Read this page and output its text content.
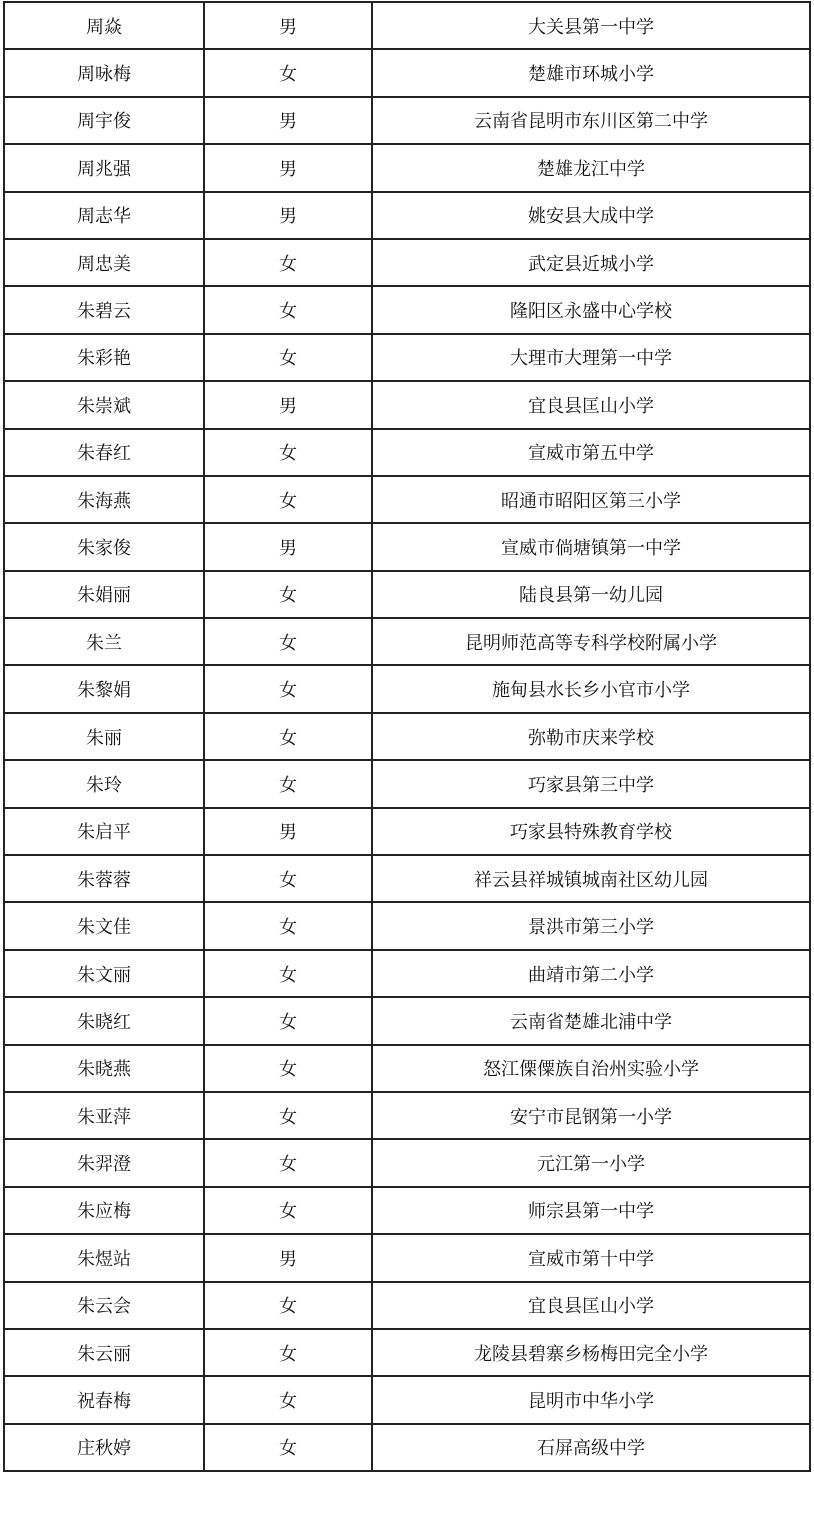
周焱	男	大关县第一中学
周咏梅	女	楚雄市环城小学
周宇俊	男	云南省昆明市东川区第二中学
周兆强	男	楚雄龙江中学
周志华	男	姚安县大成中学
周忠美	女	武定县近城小学
朱碧云	女	隆阳区永盛中心学校
朱彩艳	女	大理市大理第一中学
朱崇斌	男	宜良县匡山小学
朱春红	女	宣威市第五中学
朱海燕	女	昭通市昭阳区第三小学
朱家俊	男	宣威市倘塘镇第一中学
朱娟丽	女	陆良县第一幼儿园
朱兰	女	昆明师范高等专科学校附属小学
朱黎娟	女	施甸县水长乡小官市小学
朱丽	女	弥勒市庆来学校
朱玲	女	巧家县第三中学
朱启平	男	巧家县特殊教育学校
朱蓉蓉	女	祥云县祥城镇城南社区幼儿园
朱文佳	女	景洪市第三小学
朱文丽	女	曲靖市第二小学
朱晓红	女	云南省楚雄北浦中学
朱晓燕	女	怒江傈僳族自治州实验小学
朱亚萍	女	安宁市昆钢第一小学
朱羿澄	女	元江第一小学
朱应梅	女	师宗县第一中学
朱煜站	男	宣威市第十中学
朱云会	女	宜良县匡山小学
朱云丽	女	龙陵县碧寨乡杨梅田完全小学
祝春梅	女	昆明市中华小学
庄秋婷	女	石屏高级中学
